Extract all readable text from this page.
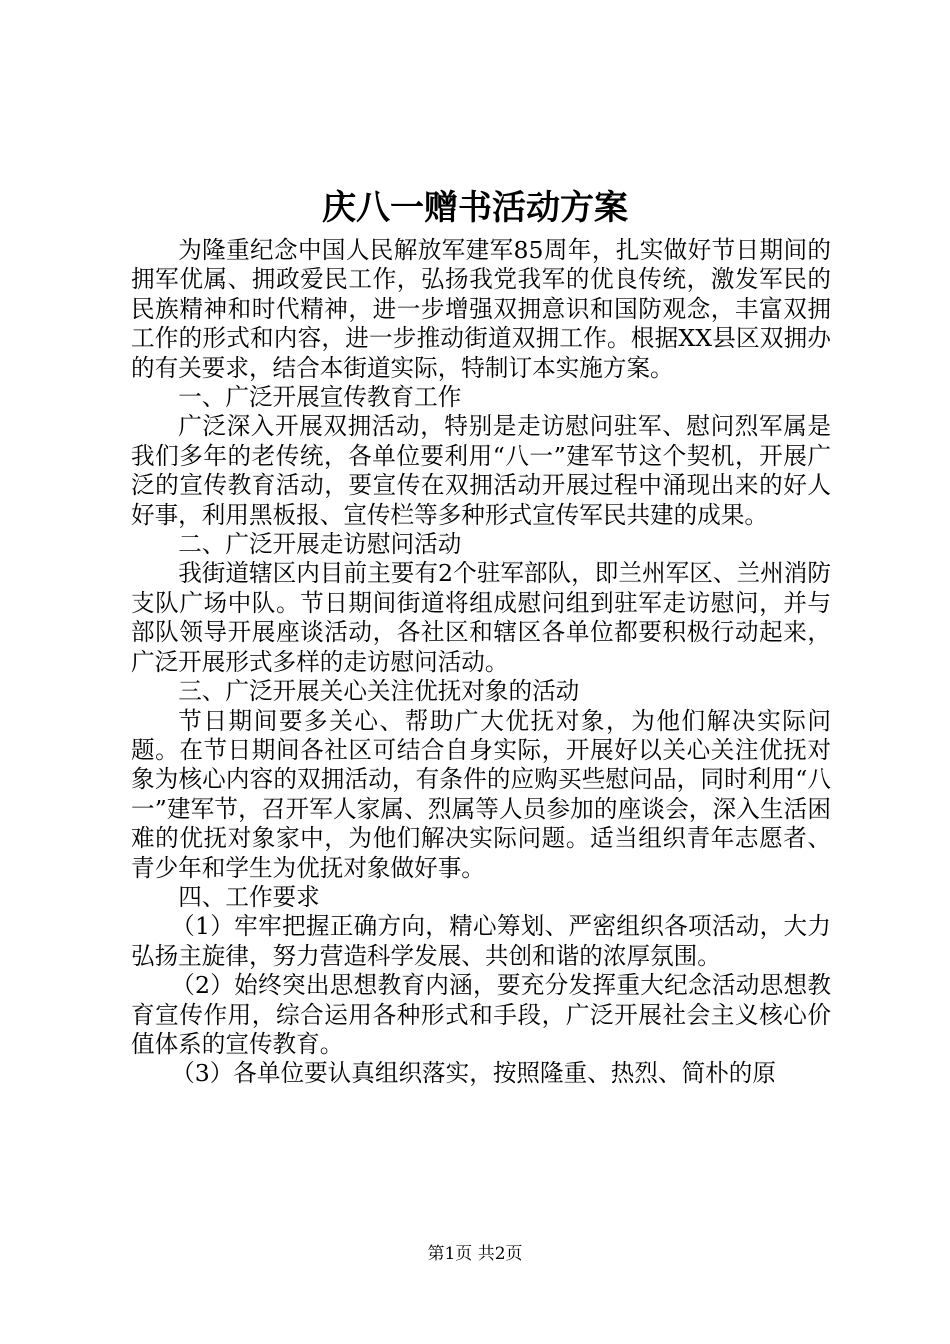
庆八一赠书活动方案

为隆重纪念中国人民解放军建军85周年，扎实做好节日期间的拥军优属、拥政爱民工作，弘扬我党我军的优良传统，激发军民的民族精神和时代精神，进一步增强双拥意识和国防观念，丰富双拥工作的形式和内容，进一步推动街道双拥工作。根据XX县区双拥办的有关要求，结合本街道实际，特制订本实施方案。

一、广泛开展宣传教育工作

广泛深入开展双拥活动，特别是走访慰问驻军、慰问烈军属是我们多年的老传统，各单位要利用“八一”建军节这个契机，开展广泛的宣传教育活动，要宣传在双拥活动开展过程中涌现出来的好人好事，利用黑板报、宣传栏等多种形式宣传军民共建的成果。

二、广泛开展走访慰问活动

我街道辖区内目前主要有2个驻军部队，即兰州军区、兰州消防支队广场中队。节日期间街道将组成慰问组到驻军走访慰问，并与部队领导开展座谈活动，各社区和辖区各单位都要积极行动起来，广泛开展形式多样的走访慰问活动。

三、广泛开展关心关注优抚对象的活动

节日期间要多关心、帮助广大优抚对象，为他们解决实际问题。在节日期间各社区可结合自身实际，开展好以关心关注优抚对象为核心内容的双拥活动，有条件的应购买些慰问品，同时利用“八一”建军节，召开军人家属、烈属等人员参加的座谈会，深入生活困难的优抚对象家中，为他们解决实际问题。适当组织青年志愿者、青少年和学生为优抚对象做好事。

四、工作要求

（1）牢牢把握正确方向，精心筹划、严密组织各项活动，大力弘扬主旋律，努力营造科学发展、共创和谐的浓厚氛围。

（2）始终突出思想教育内涵，要充分发挥重大纪念活动思想教育宣传作用，综合运用各种形式和手段，广泛开展社会主义核心价值体系的宣传教育。

（3）各单位要认真组织落实，按照隆重、热烈、简朴的原

第1页 共2页
